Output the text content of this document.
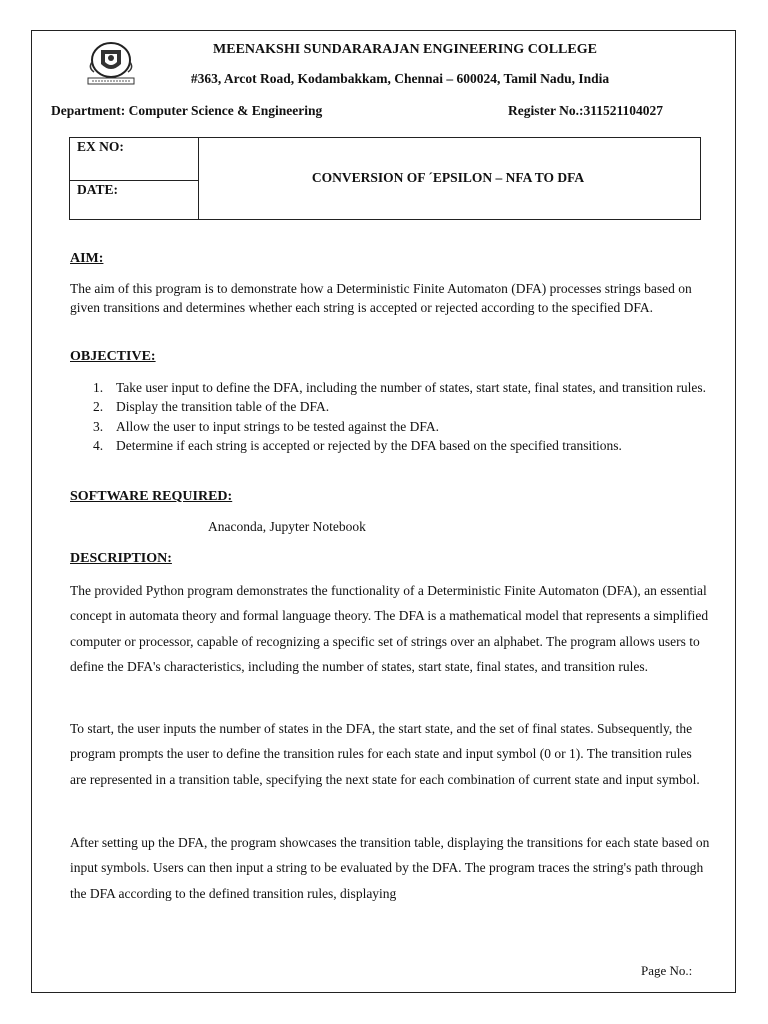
MEENAKSHI SUNDARARAJAN ENGINEERING COLLEGE
#363, Arcot Road, Kodambakkam, Chennai – 600024, Tamil Nadu, India
Department: Computer Science & Engineering	Register No.:311521104027
EX NO:
DATE:
CONVERSION OF ´EPSILON – NFA TO DFA
AIM:
The aim of this program is to demonstrate how a Deterministic Finite Automaton (DFA) processes strings based on given transitions and determines whether each string is accepted or rejected according to the specified DFA.
OBJECTIVE:
1. Take user input to define the DFA, including the number of states, start state, final states, and transition rules.
2. Display the transition table of the DFA.
3. Allow the user to input strings to be tested against the DFA.
4. Determine if each string is accepted or rejected by the DFA based on the specified transitions.
SOFTWARE REQUIRED:
Anaconda, Jupyter Notebook
DESCRIPTION:
The provided Python program demonstrates the functionality of a Deterministic Finite Automaton (DFA), an essential concept in automata theory and formal language theory. The DFA is a mathematical model that represents a simplified computer or processor, capable of recognizing a specific set of strings over an alphabet. The program allows users to define the DFA's characteristics, including the number of states, start state, final states, and transition rules.
To start, the user inputs the number of states in the DFA, the start state, and the set of final states. Subsequently, the program prompts the user to define the transition rules for each state and input symbol (0 or 1). The transition rules are represented in a transition table, specifying the next state for each combination of current state and input symbol.
After setting up the DFA, the program showcases the transition table, displaying the transitions for each state based on input symbols. Users can then input a string to be evaluated by the DFA. The program traces the string's path through the DFA according to the defined transition rules, displaying
Page No.:
